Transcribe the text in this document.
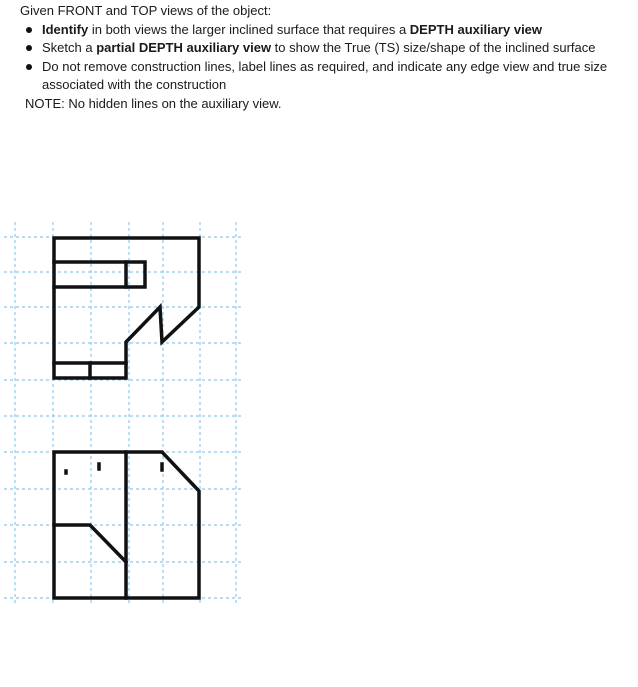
Given FRONT and TOP views of the object:

Identify in both views the larger inclined surface that requires a DEPTH auxiliary view
Sketch a partial DEPTH auxiliary view to show the True (TS) size/shape of the inclined surface
Do not remove construction lines, label lines as required, and indicate any edge view and true size associated with the construction

NOTE: No hidden lines on the auxiliary view.
